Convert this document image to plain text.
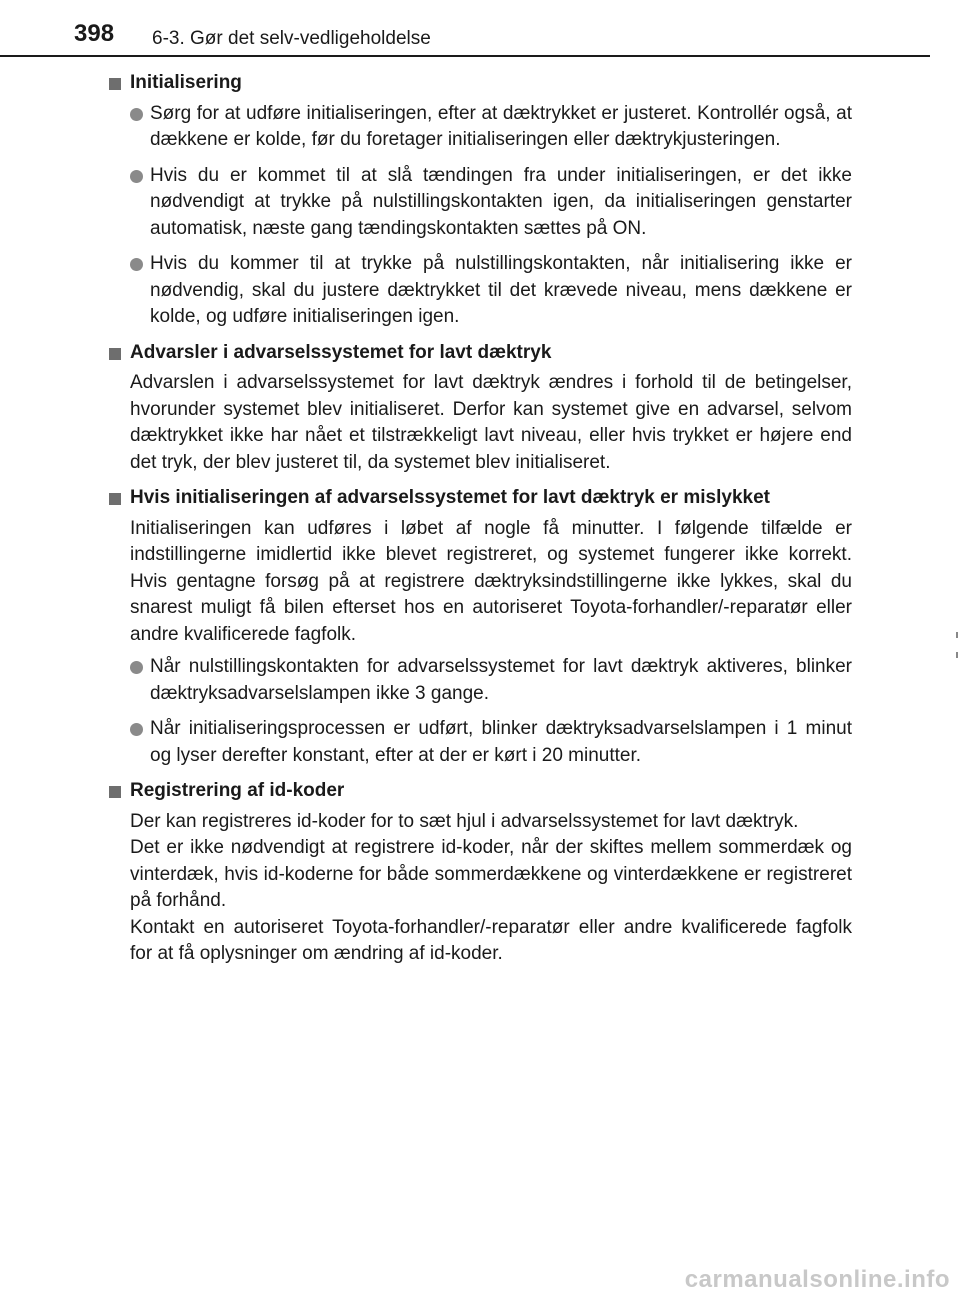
398 6-3. Gør det selv-vedligeholdelse
Initialisering
Sørg for at udføre initialiseringen, efter at dæktrykket er justeret. Kontrollér også, at dækkene er kolde, før du foretager initialiseringen eller dæktrykjusteringen.
Hvis du er kommet til at slå tændingen fra under initialiseringen, er det ikke nødvendigt at trykke på nulstillingskontakten igen, da initialiseringen genstarter automatisk, næste gang tændingskontakten sættes på ON.
Hvis du kommer til at trykke på nulstillingskontakten, når initialisering ikke er nødvendig, skal du justere dæktrykket til det krævede niveau, mens dækkene er kolde, og udføre initialiseringen igen.
Advarsler i advarselssystemet for lavt dæktryk

Advarslen i advarselssystemet for lavt dæktryk ændres i forhold til de betingelser, hvorunder systemet blev initialiseret. Derfor kan systemet give en advarsel, selvom dæktrykket ikke har nået et tilstrækkeligt lavt niveau, eller hvis trykket er højere end det tryk, der blev justeret til, da systemet blev initialiseret.

Hvis initialiseringen af advarselssystemet for lavt dæktryk er mislykket

Initialiseringen kan udføres i løbet af nogle få minutter. I følgende tilfælde er indstillingerne imidlertid ikke blevet registreret, og systemet fungerer ikke korrekt. Hvis gentagne forsøg på at registrere dæktryksindstillingerne ikke lykkes, skal du snarest muligt få bilen efterset hos en autoriseret Toyota-forhandler/-reparatør eller andre kvalificerede fagfolk.

Når nulstillingskontakten for advarselssystemet for lavt dæktryk aktiveres, blinker dæktryksadvarselslampen ikke 3 gange.
Når initialiseringsprocessen er udført, blinker dæktryksadvarselslampen i 1 minut og lyser derefter konstant, efter at der er kørt i 20 minutter.
Registrering af id-koder

Der kan registreres id-koder for to sæt hjul i advarselssystemet for lavt dæktryk.

Det er ikke nødvendigt at registrere id-koder, når der skiftes mellem sommerdæk og vinterdæk, hvis id-koderne for både sommerdækkene og vinterdækkene er registreret på forhånd.

Kontakt en autoriseret Toyota-forhandler/-reparatør eller andre kvalificerede fagfolk for at få oplysninger om ændring af id-koder.

carmanualsonline.info
